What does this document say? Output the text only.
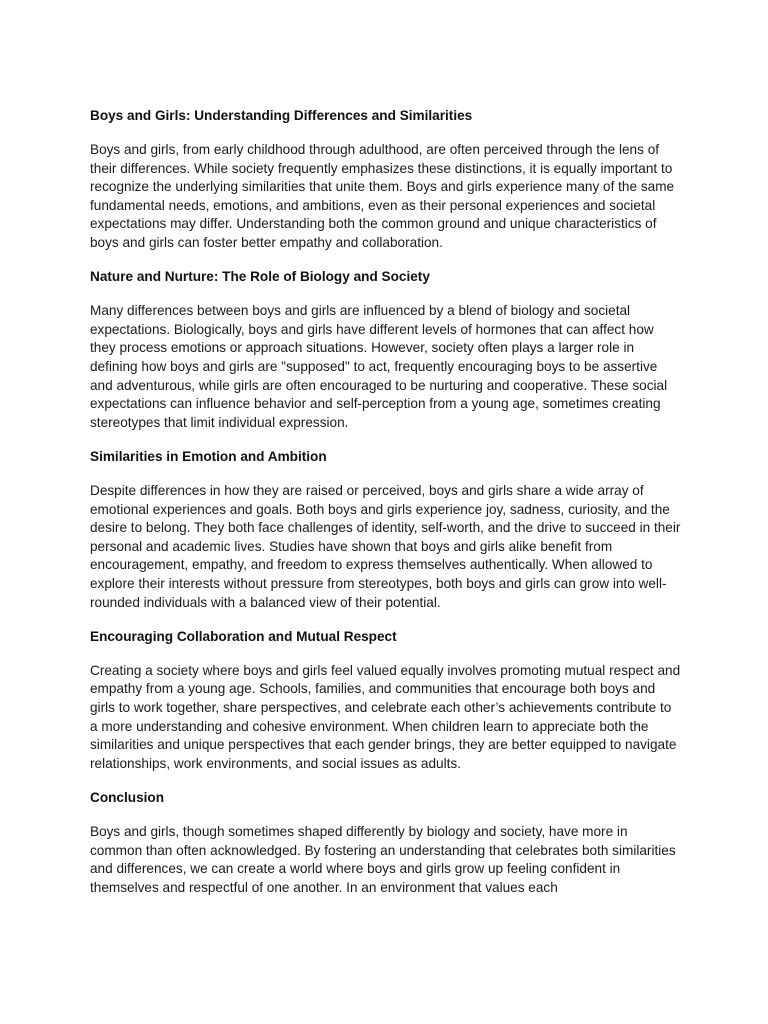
Boys and Girls: Understanding Differences and Similarities

Boys and girls, from early childhood through adulthood, are often perceived through the lens of their differences. While society frequently emphasizes these distinctions, it is equally important to recognize the underlying similarities that unite them. Boys and girls experience many of the same fundamental needs, emotions, and ambitions, even as their personal experiences and societal expectations may differ. Understanding both the common ground and unique characteristics of boys and girls can foster better empathy and collaboration.

Nature and Nurture: The Role of Biology and Society

Many differences between boys and girls are influenced by a blend of biology and societal expectations. Biologically, boys and girls have different levels of hormones that can affect how they process emotions or approach situations. However, society often plays a larger role in defining how boys and girls are "supposed" to act, frequently encouraging boys to be assertive and adventurous, while girls are often encouraged to be nurturing and cooperative. These social expectations can influence behavior and self-perception from a young age, sometimes creating stereotypes that limit individual expression.

Similarities in Emotion and Ambition

Despite differences in how they are raised or perceived, boys and girls share a wide array of emotional experiences and goals. Both boys and girls experience joy, sadness, curiosity, and the desire to belong. They both face challenges of identity, self-worth, and the drive to succeed in their personal and academic lives. Studies have shown that boys and girls alike benefit from encouragement, empathy, and freedom to express themselves authentically. When allowed to explore their interests without pressure from stereotypes, both boys and girls can grow into well-rounded individuals with a balanced view of their potential.

Encouraging Collaboration and Mutual Respect

Creating a society where boys and girls feel valued equally involves promoting mutual respect and empathy from a young age. Schools, families, and communities that encourage both boys and girls to work together, share perspectives, and celebrate each other’s achievements contribute to a more understanding and cohesive environment. When children learn to appreciate both the similarities and unique perspectives that each gender brings, they are better equipped to navigate relationships, work environments, and social issues as adults.

Conclusion

Boys and girls, though sometimes shaped differently by biology and society, have more in common than often acknowledged. By fostering an understanding that celebrates both similarities and differences, we can create a world where boys and girls grow up feeling confident in themselves and respectful of one another. In an environment that values each
